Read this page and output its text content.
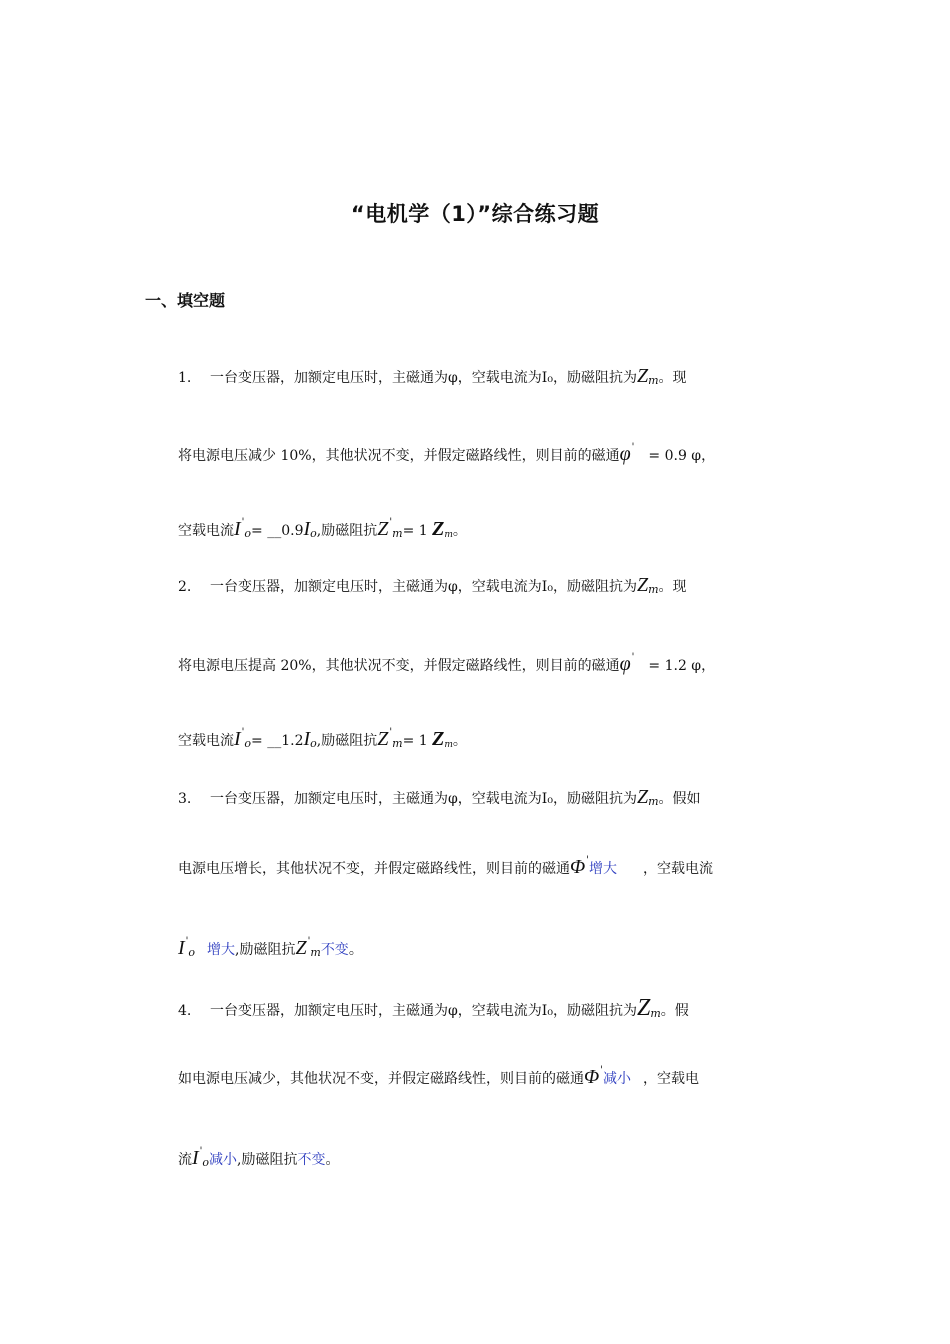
“电机学（1）”综合练习题
一、填空题
1. 一台变压器，加额定电压时，主磁通为φ，空载电流为I₀，励磁阻抗为Zm。现
将电源电压减少 10%，其他状况不变，并假定磁路线性，则目前的磁通φ'= 0.9 φ，
空载电流I'o= __0.9Io,励磁阻抗Z'm= 1 Zm。
2. 一台变压器，加额定电压时，主磁通为φ，空载电流为I₀，励磁阻抗为Zm。现
将电源电压提高 20%，其他状况不变，并假定磁路线性，则目前的磁通φ'= 1.2 φ，
空载电流I'o= __1.2Io,励磁阻抗Z'm= 1 Zm。
3. 一台变压器，加额定电压时，主磁通为φ，空载电流为I₀，励磁阻抗为Zm。假如
电源电压增长，其他状况不变，并假定磁路线性，则目前的磁通Φ'增大 ，空载电流
I'o 增大,励磁阻抗Z'm不变。
4. 一台变压器，加额定电压时，主磁通为φ，空载电流为I₀，励磁阻抗为Zm。假
如电源电压减少，其他状况不变，并假定磁路线性，则目前的磁通Φ'减小 ，空载电
流I'o减小,励磁阻抗不变。
